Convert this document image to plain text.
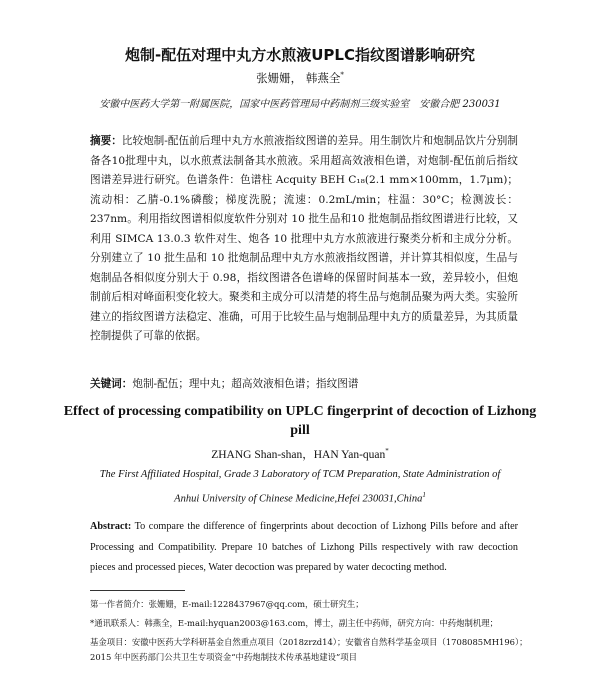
炮制-配伍对理中丸方水煎液UPLC指纹图谱影响研究
张姗姗， 韩燕全*
安徽中医药大学第一附属医院，国家中医药管理局中药制剂三级实验室　安徽合肥 230031
摘要：比较炮制-配伍前后理中丸方水煎液指纹图谱的差异。用生制饮片和炮制品饮片分别制备各10批理中丸，以水煎煮法制备其水煎液。采用超高效液相色谱，对炮制-配伍前后指纹图谱差异进行研究。色谱条件：色谱柱 Acquity BEH C₁₈(2.1 mm×100mm，1.7μm)；流动相：乙腈-0.1%磷酸；梯度洗脱；流速：0.2mL/min；柱温：30°C；检测波长：237nm。利用指纹图谱相似度软件分别对 10 批生品和10 批炮制品指纹图谱进行比较，又利用 SIMCA 13.0.3 软件对生、炮各 10 批理中丸方水煎液进行聚类分析和主成分分析。分别建立了 10 批生品和 10 批炮制品理中丸方水煎液指纹图谱，并计算其相似度，生品与炮制品各相似度分别大于 0.98，指纹图谱各色谱峰的保留时间基本一致，差异较小，但炮制前后相对峰面积变化较大。聚类和主成分可以清楚的将生品与炮制品聚为两大类。实验所建立的指纹图谱方法稳定、准确，可用于比较生品与炮制品理中丸方的质量差异，为其质量控制提供了可靠的依据。
关键词：炮制-配伍；理中丸；超高效液相色谱；指纹图谱
Effect of processing compatibility on UPLC fingerprint of decoction of Lizhong pill
ZHANG Shan-shan，HAN Yan-quan*
The First Affiliated Hospital, Grade 3 Laboratory of TCM Preparation, State Administration of
Anhui University of Chinese Medicine,Hefei 230031,China$^1$
Abstract: To compare the difference of fingerprints about decoction of Lizhong Pills before and after Processing and Compatibility. Prepare 10 batches of Lizhong Pills respectively with raw decoction pieces and processed pieces, Water decoction was prepared by water decocting method.
第一作者简介：张姗姗，E-mail:1228437967@qq.com，硕士研究生；
*通讯联系人：韩燕全，E-mail:hyquan2003@163.com，博士，副主任中药师，研究方向：中药炮制机理；
基金项目：安徽中医药大学科研基金自然重点项目（2018zrzd14）；安徽省自然科学基金项目（1708085MH196）；
2015 年中医药部门公共卫生专项资金“中药炮制技术传承基地建设”项目
